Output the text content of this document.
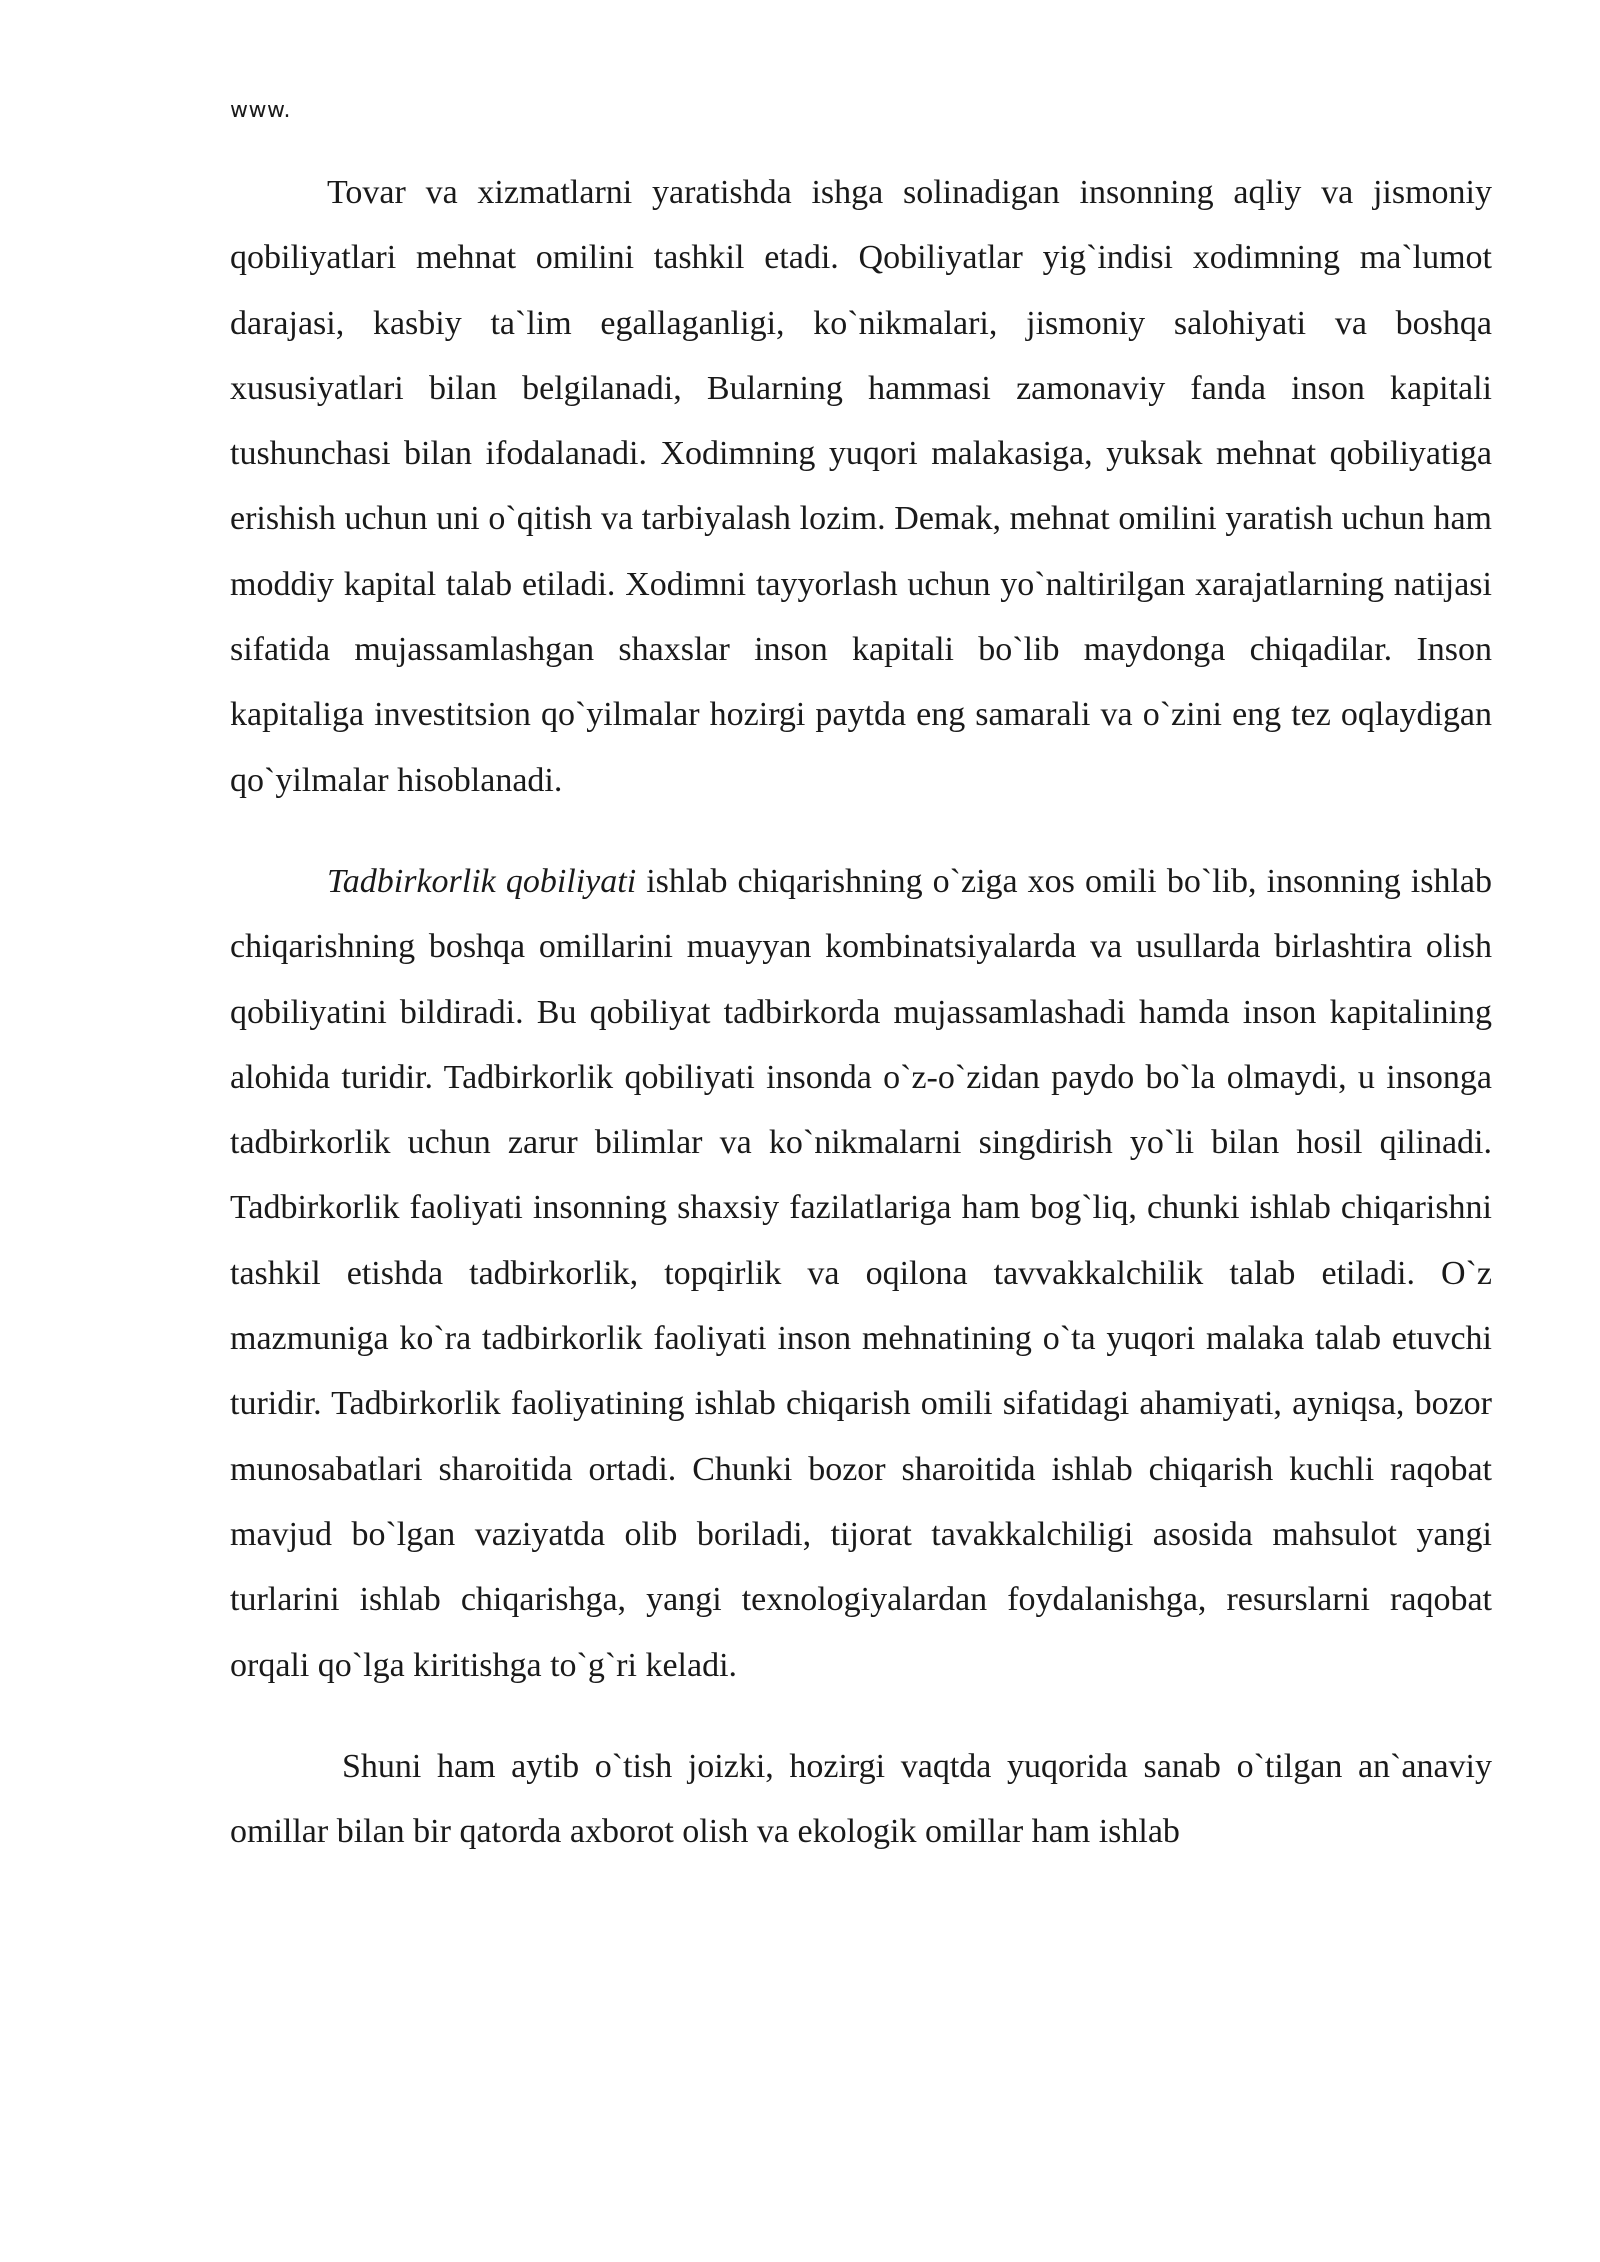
www.

Tovar va xizmatlarni yaratishda ishga solinadigan insonning aqliy va jismoniy qobiliyatlari mehnat omilini tashkil etadi. Qobiliyatlar yig`indisi xodimning ma`lumot darajasi, kasbiy ta`lim egallaganligi, ko`nikmalari, jismoniy salohiyati va boshqa xususiyatlari bilan belgilanadi, Bularning hammasi zamonaviy fanda inson kapitali tushunchasi bilan ifodalanadi. Xodimning yuqori malakasiga, yuksak mehnat qobiliyatiga erishish uchun uni o`qitish va tarbiyalash lozim. Demak, mehnat omilini yaratish uchun ham moddiy kapital talab etiladi. Xodimni tayyorlash uchun yo`naltirilgan xarajatlarning natijasi sifatida mujassamlashgan shaxslar inson kapitali bo`lib maydonga chiqadilar. Inson kapitaliga investitsion qo`yilmalar hozirgi paytda eng samarali va o`zini eng tez oqlaydigan qo`yilmalar hisoblanadi.

Tadbirkorlik qobiliyati ishlab chiqarishning o`ziga xos omili bo`lib, insonning ishlab chiqarishning boshqa omillarini muayyan kombinatsiyalarda va usullarda birlashtira olish qobiliyatini bildiradi. Bu qobiliyat tadbirkorda mujassamlashadi hamda inson kapitalining alohida turidir. Tadbirkorlik qobiliyati insonda o`z-o`zidan paydo bo`la olmaydi, u insonga tadbirkorlik uchun zarur bilimlar va ko`nikmalarni singdirish yo`li bilan hosil qilinadi. Tadbirkorlik faoliyati insonning shaxsiy fazilatlariga ham bog`liq, chunki ishlab chiqarishni tashkil etishda tadbirkorlik, topqirlik va oqilona tavvakkalchilik talab etiladi. O`z mazmuniga ko`ra tadbirkorlik faoliyati inson mehnatining o`ta yuqori malaka talab etuvchi turidir. Tadbirkorlik faoliyatining ishlab chiqarish omili sifatidagi ahamiyati, ayniqsa, bozor munosabatlari sharoitida ortadi. Chunki bozor sharoitida ishlab chiqarish kuchli raqobat mavjud bo`lgan vaziyatda olib boriladi, tijorat tavakkalchiligi asosida mahsulot yangi turlarini ishlab chiqarishga, yangi texnologiyalardan foydalanishga, resurslarni raqobat orqali qo`lga kiritishga to`g`ri keladi.

Shuni ham aytib o`tish joizki, hozirgi vaqtda yuqorida sanab o`tilgan an`anaviy omillar bilan bir qatorda axborot olish va ekologik omillar ham ishlab
